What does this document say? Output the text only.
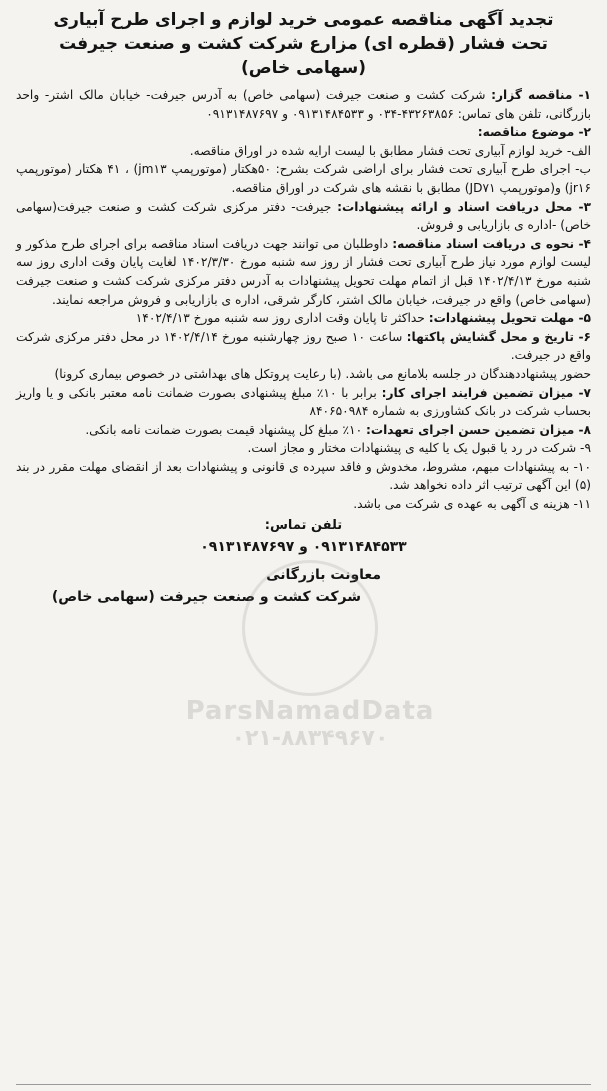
تجدید آگهی مناقصه عمومی خرید لوازم و اجرای طرح آبیاری
تحت فشار (قطره ای) مزارع شرکت کشت و صنعت جیرفت
(سهامی خاص)

۱- مناقصه گزار: شرکت کشت و صنعت جیرفت (سهامی خاص) به آدرس جیرفت- خیابان مالک اشتر- واحد بازرگانی، تلفن های تماس: ۴۳۲۶۳۸۵۶-۰۳۴ و ۰۹۱۳۱۴۸۴۵۳۳ و ۰۹۱۳۱۴۸۷۶۹۷

۲- موضوع مناقصه:

الف- خرید لوازم آبیاری تحت فشار مطابق با لیست ارایه شده در اوراق مناقصه.

ب- اجرای طرح آبیاری تحت فشار برای اراضی شرکت بشرح: ۵۰هکتار (موتورپمپ jm۱۳) ، ۴۱ هکتار (موتورپمپ jr۱۶) و(موتورپمپ JD۷۱) مطابق با نقشه های شرکت در اوراق مناقصه.

۳- محل دریافت اسناد و ارائه پیشنهادات: جیرفت- دفتر مرکزی شرکت کشت و صنعت جیرفت(سهامی خاص) -اداره ی بازاریابی و فروش.

۴- نحوه ی دریافت اسناد مناقصه: داوطلبان می توانند جهت دریافت اسناد مناقصه برای اجرای طرح مذکور و لیست لوازم مورد نیاز طرح آبیاری تحت فشار از روز سه شنبه مورخ ۱۴۰۲/۳/۳۰ لغایت پایان وقت اداری روز سه شنبه مورخ ۱۴۰۲/۴/۱۳ قبل از اتمام مهلت تحویل پیشنهادات به آدرس دفتر مرکزی شرکت کشت و صنعت جیرفت (سهامی خاص) واقع در جیرفت، خیابان مالک اشتر، کارگر شرقی، اداره ی بازاریابی و فروش مراجعه نمایند.

۵- مهلت تحویل پیشنهادات: حداکثر تا پایان وقت اداری روز سه شنبه مورخ ۱۴۰۲/۴/۱۳

۶- تاریخ و محل گشایش پاکتها: ساعت ۱۰ صبح روز چهارشنبه مورخ ۱۴۰۲/۴/۱۴ در محل دفتر مرکزی شرکت واقع در جیرفت.

حضور پیشنهاددهندگان در جلسه بلامانع می باشد. (با رعایت پروتکل های بهداشتی در خصوص بیماری کرونا)

۷- میزان تضمین فرایند اجرای کار: برابر با ۱۰٪ مبلغ پیشنهادی بصورت ضمانت نامه معتبر بانکی و یا واریز بحساب شرکت در بانک کشاورزی به شماره ۸۴۰۶۵۰۹۸۴

۸- میزان تضمین حسن اجرای تعهدات: ۱۰٪ مبلغ کل پیشنهاد قیمت بصورت ضمانت نامه بانکی.

۹- شرکت در رد یا قبول یک یا کلیه ی پیشنهادات مختار و مجاز است.

۱۰- به پیشنهادات مبهم، مشروط، مخدوش و فاقد سپرده ی قانونی و پیشنهادات بعد از انقضای مهلت مقرر در بند (۵) این آگهی ترتیب اثر داده نخواهد شد.

۱۱- هزینه ی آگهی به عهده ی شرکت می باشد.

تلفن تماس:
۰۹۱۳۱۴۸۴۵۳۳ و ۰۹۱۳۱۴۸۷۶۹۷
معاونت بازرگانی
شرکت کشت و صنعت جیرفت (سهامی خاص)
ParsNamadData
۰۲۱-۸۸۳۴۹۶۷۰
